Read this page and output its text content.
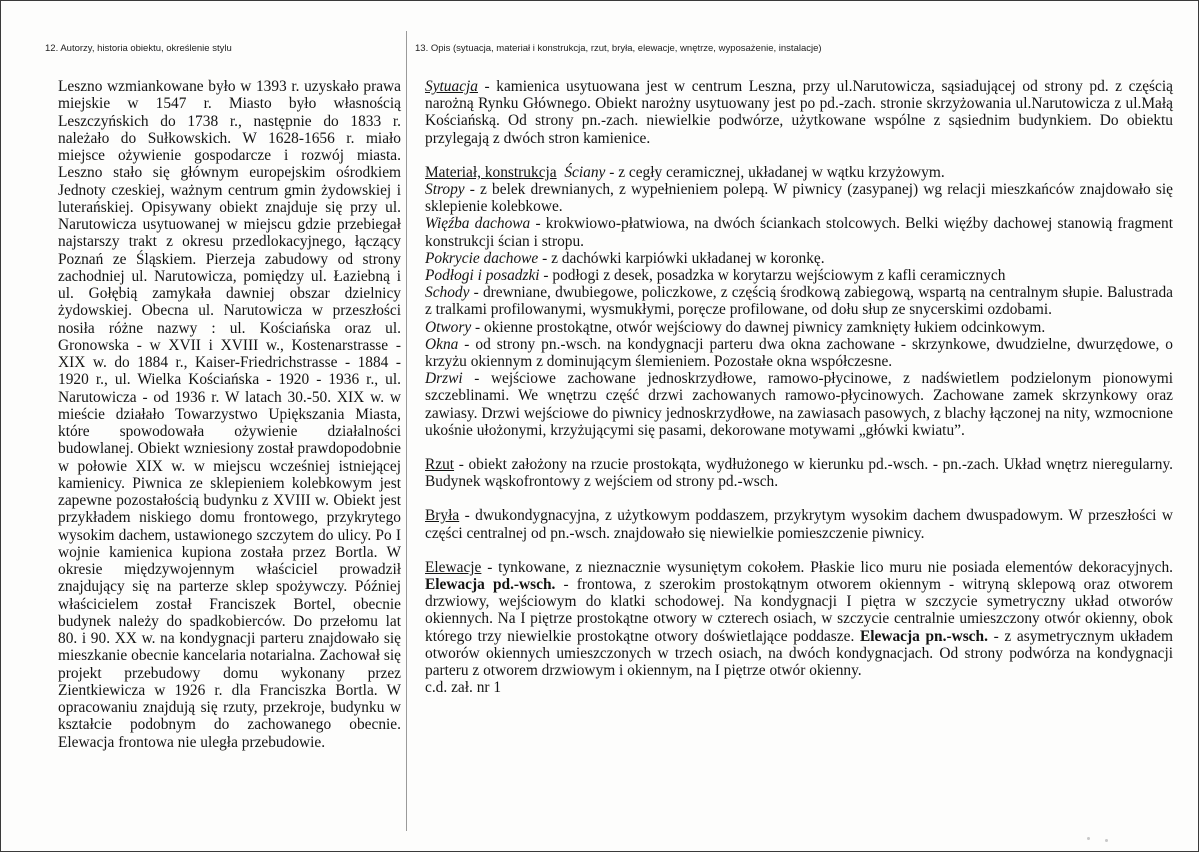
12. Autorzy, historia obiektu, określenie stylu	13. Opis (sytuacja, materiał i konstrukcja, rzut, bryła, elewacje, wnętrze, wyposażenie, instalacje)
Leszno wzmiankowane było w 1393 r. uzyskało prawa miejskie w 1547 r. Miasto było własnością Leszczyńskich do 1738 r., następnie do 1833 r. należało do Sułkowskich. W 1628-1656 r. miało miejsce ożywienie gospodarcze i rozwój miasta. Leszno stało się głównym europejskim ośrodkiem Jednoty czeskiej, ważnym centrum gmin żydowskiej i luterańskiej. Opisywany obiekt znajduje się przy ul. Narutowicza usytuowanej w miejscu gdzie przebiegał najstarszy trakt z okresu przedlokacyjnego, łączący Poznań ze Śląskiem. Pierzeja zabudowy od strony zachodniej ul. Narutowicza, pomiędzy ul. Łaziebną i ul. Gołębią zamykała dawniej obszar dzielnicy żydowskiej. Obecna ul. Narutowicza w przeszłości nosiła różne nazwy : ul. Kościańska oraz ul. Gronowska - w XVII i XVIII w., Kostenarstrasse - XIX w. do 1884 r., Kaiser-Friedrichstrasse - 1884 - 1920 r., ul. Wielka Kościańska - 1920 - 1936 r., ul. Narutowicza - od 1936 r. W latach 30.-50. XIX w. w mieście działało Towarzystwo Upiększania Miasta, które spowodowała ożywienie działalności budowlanej. Obiekt wzniesiony został prawdopodobnie w połowie XIX w. w miejscu wcześniej istniejącej kamienicy. Piwnica ze sklepieniem kolebkowym jest zapewne pozostałością budynku z XVIII w. Obiekt jest przykładem niskiego domu frontowego, przykrytego wysokim dachem, ustawionego szczytem do ulicy. Po I wojnie kamienica kupiona została przez Bortla. W okresie międzywojennym właściciel prowadził znajdujący się na parterze sklep spożywczy. Później właścicielem został Franciszek Bortel, obecnie budynek należy do spadkobierców. Do przełomu lat 80. i 90. XX w. na kondygnacji parteru znajdowało się mieszkanie obecnie kancelaria notarialna. Zachował się projekt przebudowy domu wykonany przez Zientkiewicza w 1926 r. dla Franciszka Bortla. W opracowaniu znajdują się rzuty, przekroje, budynku w kształcie podobnym do zachowanego obecnie. Elewacja frontowa nie uległa przebudowie.

Sytuacja - kamienica usytuowana jest w centrum Leszna, przy ul.Narutowicza, sąsiadującej od strony pd. z częścią narożną Rynku Głównego. Obiekt narożny usytuowany jest po pd.-zach. stronie skrzyżowania ul.Narutowicza z ul.Małą Kościańską. Od strony pn.-zach. niewielkie podwórze, użytkowane wspólne z sąsiednim budynkiem. Do obiektu przylegają z dwóch stron kamienice.

Materiał, konstrukcja Ściany - z cegły ceramicznej, układanej w wątku krzyżowym.

Stropy - z belek drewnianych, z wypełnieniem polepą. W piwnicy (zasypanej) wg relacji mieszkańców znajdowało się sklepienie kolebkowe.

Więźba dachowa - krokwiowo-płatwiowa, na dwóch ściankach stolcowych. Belki więźby dachowej stanowią fragment konstrukcji ścian i stropu.

Pokrycie dachowe - z dachówki karpiówki układanej w koronkę.

Podłogi i posadzki - podłogi z desek, posadzka w korytarzu wejściowym z kafli ceramicznych

Schody - drewniane, dwubiegowe, policzkowe, z częścią środkową zabiegową, wspartą na centralnym słupie. Balustrada z tralkami profilowanymi, wysmukłymi, poręcze profilowane, od dołu słup ze snycerskimi ozdobami.

Otwory - okienne prostokątne, otwór wejściowy do dawnej piwnicy zamknięty łukiem odcinkowym.

Okna - od strony pn.-wsch. na kondygnacji parteru dwa okna zachowane - skrzynkowe, dwudzielne, dwurzędowe, o krzyżu okiennym z dominującym ślemieniem. Pozostałe okna współczesne.

Drzwi - wejściowe zachowane jednoskrzydłowe, ramowo-płycinowe, z nadświetlem podzielonym pionowymi szczeblinami. We wnętrzu część drzwi zachowanych ramowo-płycinowych. Zachowane zamek skrzynkowy oraz zawiasy. Drzwi wejściowe do piwnicy jednoskrzydłowe, na zawiasach pasowych, z blachy łączonej na nity, wzmocnione ukośnie ułożonymi, krzyżującymi się pasami, dekorowane motywami „główki kwiatu”.

Rzut - obiekt założony na rzucie prostokąta, wydłużonego w kierunku pd.-wsch. - pn.-zach. Układ wnętrz nieregularny. Budynek wąskofrontowy z wejściem od strony pd.-wsch.

Bryła - dwukondygnacyjna, z użytkowym poddaszem, przykrytym wysokim dachem dwuspadowym. W przeszłości w części centralnej od pn.-wsch. znajdowało się niewielkie pomieszczenie piwnicy.

Elewacje - tynkowane, z nieznacznie wysuniętym cokołem. Płaskie lico muru nie posiada elementów dekoracyjnych. Elewacja pd.-wsch. - frontowa, z szerokim prostokątnym otworem okiennym - witryną sklepową oraz otworem drzwiowy, wejściowym do klatki schodowej. Na kondygnacji I piętra w szczycie symetryczny układ otworów okiennych. Na I piętrze prostokątne otwory w czterech osiach, w szczycie centralnie umieszczony otwór okienny, obok którego trzy niewielkie prostokątne otwory doświetlające poddasze. Elewacja pn.-wsch. - z asymetrycznym układem otworów okiennych umieszczonych w trzech osiach, na dwóch kondygnacjach. Od strony podwórza na kondygnacji parteru z otworem drzwiowym i okiennym, na I piętrze otwór okienny.

c.d. zał. nr 1
